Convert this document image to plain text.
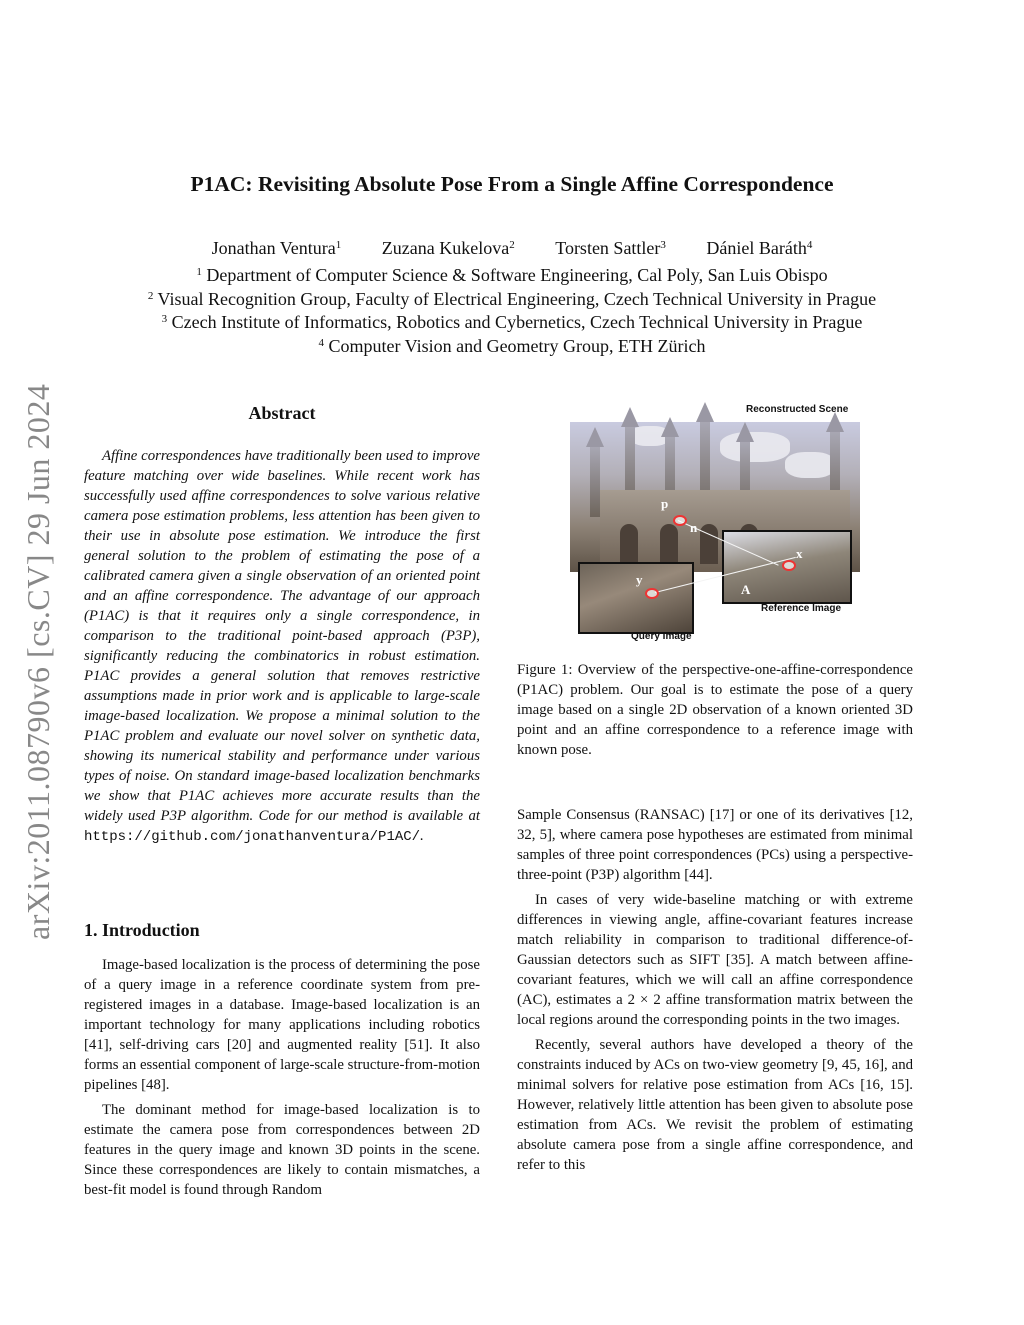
arXiv:2011.08790v6 [cs.CV] 29 Jun 2024
P1AC: Revisiting Absolute Pose From a Single Affine Correspondence
Jonathan Ventura$^1$ Zuzana Kukelova$^2$ Torsten Sattler$^3$ Dániel Baráth$^4$
$^1$ Department of Computer Science & Software Engineering, Cal Poly, San Luis Obispo
$^2$ Visual Recognition Group, Faculty of Electrical Engineering, Czech Technical University in Prague
$^3$ Czech Institute of Informatics, Robotics and Cybernetics, Czech Technical University in Prague
$^4$ Computer Vision and Geometry Group, ETH Zürich
Abstract
Affine correspondences have traditionally been used to improve feature matching over wide baselines. While recent work has successfully used affine correspondences to solve various relative camera pose estimation problems, less attention has been given to their use in absolute pose estimation. We introduce the first general solution to the problem of estimating the pose of a calibrated camera given a single observation of an oriented point and an affine correspondence. The advantage of our approach (P1AC) is that it requires only a single correspondence, in comparison to the traditional point-based approach (P3P), significantly reducing the combinatorics in robust estimation. P1AC provides a general solution that removes restrictive assumptions made in prior work and is applicable to large-scale image-based localization. We propose a minimal solution to the P1AC problem and evaluate our novel solver on synthetic data, showing its numerical stability and performance under various types of noise. On standard image-based localization benchmarks we show that P1AC achieves more accurate results than the widely used P3P algorithm. Code for our method is available at https://github.com/jonathanventura/P1AC/.
1. Introduction

Image-based localization is the process of determining the pose of a query image in a reference coordinate system from pre-registered images in a database. Image-based localization is an important technology for many applications including robotics [41], self-driving cars [20] and augmented reality [51]. It also forms an essential component of large-scale structure-from-motion pipelines [48].

The dominant method for image-based localization is to estimate the camera pose from correspondences between 2D features in the query image and known 3D points in the scene. Since these correspondences are likely to contain mismatches, a best-fit model is found through Random

Reconstructed Scene
p
n
x
y
A
Reference Image
Query Image
Figure 1: Overview of the perspective-one-affine-correspondence (P1AC) problem. Our goal is to estimate the pose of a query image based on a single 2D observation of a known oriented 3D point and an affine correspondence to a reference image with known pose.

Sample Consensus (RANSAC) [17] or one of its derivatives [12, 32, 5], where camera pose hypotheses are estimated from minimal samples of three point correspondences (PCs) using a perspective-three-point (P3P) algorithm [44].

In cases of very wide-baseline matching or with extreme differences in viewing angle, affine-covariant features increase match reliability in comparison to traditional difference-of-Gaussian detectors such as SIFT [35]. A match between affine-covariant features, which we will call an affine correspondence (AC), estimates a 2 × 2 affine transformation matrix between the local regions around the corresponding points in the two images.

Recently, several authors have developed a theory of the constraints induced by ACs on two-view geometry [9, 45, 16], and minimal solvers for relative pose estimation from ACs [16, 15]. However, relatively little attention has been given to absolute pose estimation from ACs. We revisit the problem of estimating absolute camera pose from a single affine correspondence, and refer to this
